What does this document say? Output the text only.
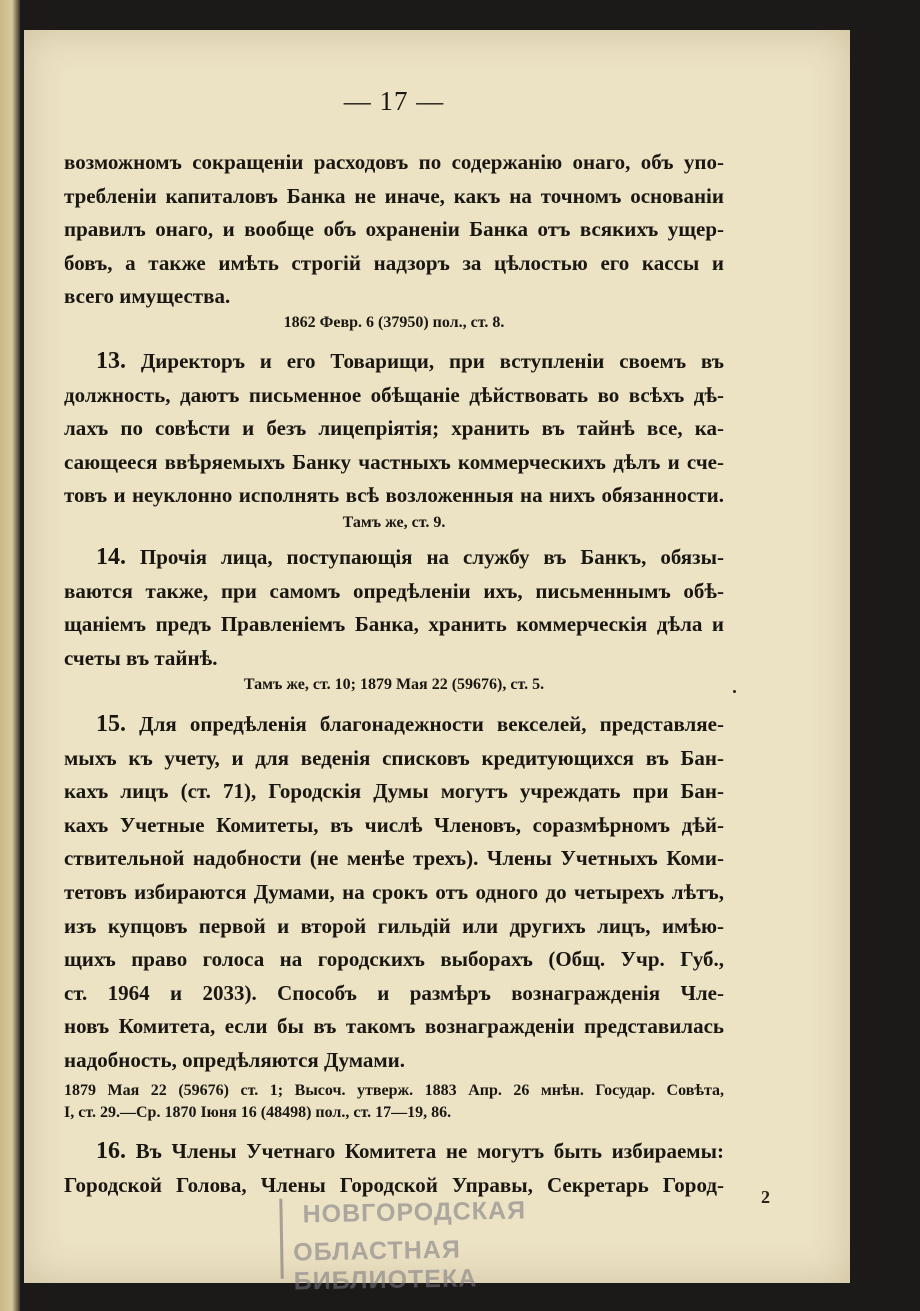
— 17 —
возможномъ сокращеніи расходовъ по содержанію онаго, объ упо-
требленіи капиталовъ Банка не иначе, какъ на точномъ основаніи
правилъ онаго, и вообще объ охраненіи Банка отъ всякихъ ущер-
бовъ, а также имѣть строгій надзоръ за цѣлостью его кассы и
всего имущества.
1862 Февр. 6 (37950) пол., ст. 8.
13. Директоръ и его Товарищи, при вступленіи своемъ въ
должность, даютъ письменное обѣщаніе дѣйствовать во всѣхъ дѣ-
лахъ по совѣсти и безъ лицепріятія; хранить въ тайнѣ все, ка-
сающееся ввѣряемыхъ Банку частныхъ коммерческихъ дѣлъ и сче-
товъ и неуклонно исполнять всѣ возложенныя на нихъ обязанности.
Тамъ же, ст. 9.
14. Прочія лица, поступающія на службу въ Банкъ, обязы-
ваются также, при самомъ опредѣленіи ихъ, письменнымъ обѣ-
щаніемъ предъ Правленіемъ Банка, хранить коммерческія дѣла и
счеты въ тайнѣ.
Тамъ же, ст. 10; 1879 Мая 22 (59676), ст. 5.
15. Для опредѣленія благонадежности векселей, представляе-
мыхъ къ учету, и для веденія списковъ кредитующихся въ Бан-
кахъ лицъ (ст. 71), Городскія Думы могутъ учреждать при Бан-
кахъ Учетные Комитеты, въ числѣ Членовъ, соразмѣрномъ дѣй-
ствительной надобности (не менѣе трехъ). Члены Учетныхъ Коми-
тетовъ избираются Думами, на срокъ отъ одного до четырехъ лѣтъ,
изъ купцовъ первой и второй гильдій или другихъ лицъ, имѣю-
щихъ право голоса на городскихъ выборахъ (Общ. Учр. Губ.,
ст. 1964 и 2033). Способъ и размѣръ вознагражденія Чле-
новъ Комитета, если бы въ такомъ вознагражденіи представилась
надобность, опредѣляются Думами.
1879 Мая 22 (59676) ст. 1; Высоч. утверж. 1883 Апр. 26 мнѣн. Государ. Совѣта,
I, ст. 29.—Ср. 1870 Іюня 16 (48498) пол., ст. 17—19, 86.
16. Въ Члены Учетнаго Комитета не могутъ быть избираемы:
Городской Голова, Члены Городской Управы, Секретарь Город-
2
НОВГОРОДСКАЯ
ОБЛАСТНАЯ БИБЛИОТЕКА
